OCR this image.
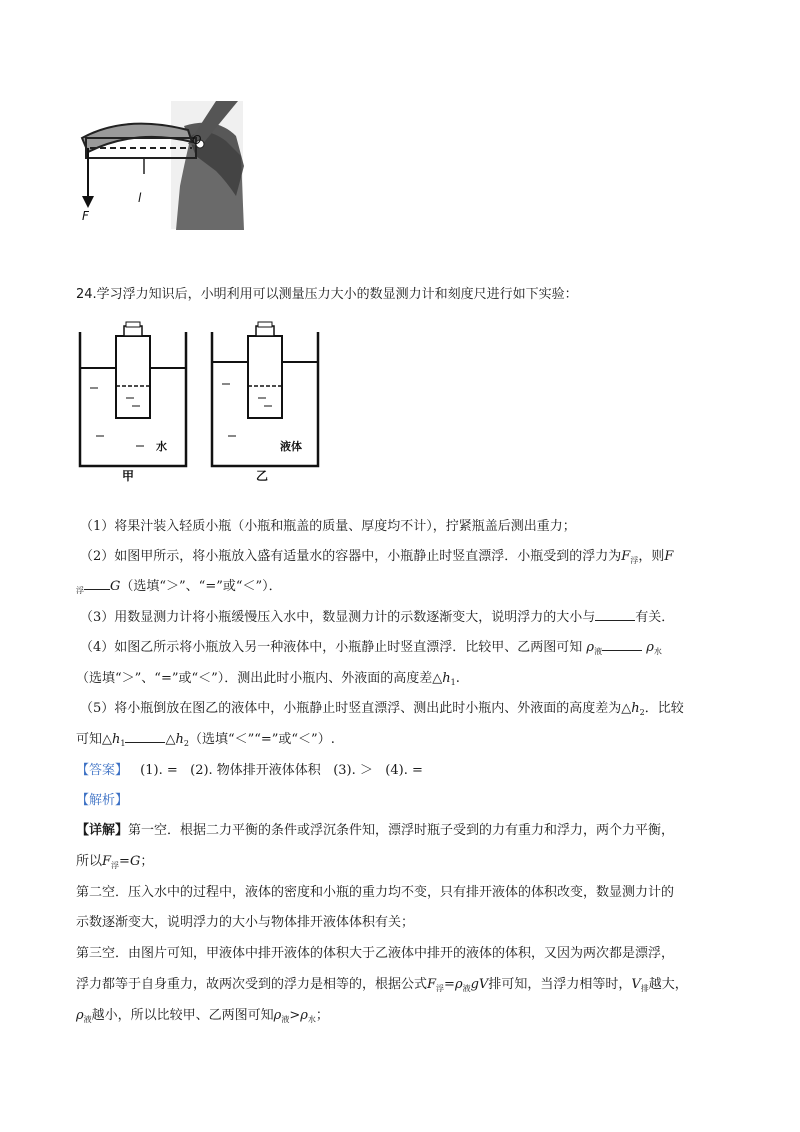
O
F
l
24.学习浮力知识后，小明利用可以测量压力大小的数显测力计和刻度尺进行如下实验：
水
甲
液体
乙
（1）将果汁装入轻质小瓶（小瓶和瓶盖的质量、厚度均不计），拧紧瓶盖后测出重力；
（2）如图甲所示，将小瓶放入盛有适量水的容器中，小瓶静止时竖直漂浮．小瓶受到的浮力为$F_浮$，则F
$_浮$ G（选填“＞”、“=”或“＜”）．
（3）用数显测力计将小瓶缓慢压入水中，数显测力计的示数逐渐变大，说明浮力的大小与	有关．
（4）如图乙所示将小瓶放入另一种液体中，小瓶静止时竖直漂浮．比较甲、乙两图可知 $\rho_液$	$\rho_水$
（选填“＞”、“=”或“＜”）．测出此时小瓶内、外液面的高度差$\triangle h_1$.
（5）将小瓶倒放在图乙的液体中，小瓶静止时竖直漂浮、测出此时小瓶内、外液面的高度差为$\triangle h_2$．比较
可知$\triangle h_1$	$\triangle h_2$（选填“＜”“=”或“＜”）.
【答案】 (1). =   (2). 物体排开液体体积   (3). ＞   (4). =
【解析】
【详解】第一空．根据二力平衡的条件或浮沉条件知，漂浮时瓶子受到的力有重力和浮力，两个力平衡，
所以$F_浮=G$；
第二空．压入水中的过程中，液体的密度和小瓶的重力均不变，只有排开液体的体积改变，数显测力计的
示数逐渐变大，说明浮力的大小与物体排开液体体积有关；
第三空．由图片可知，甲液体中排开液体的体积大于乙液体中排开的液体的体积，又因为两次都是漂浮，
浮力都等于自身重力，故两次受到的浮力是相等的，根据公式$F_浮=\rho_液gV$排可知，当浮力相等时，$V_排$越大，
$\rho_液$越小，所以比较甲、乙两图可知$\rho_液>\rho_水$；
